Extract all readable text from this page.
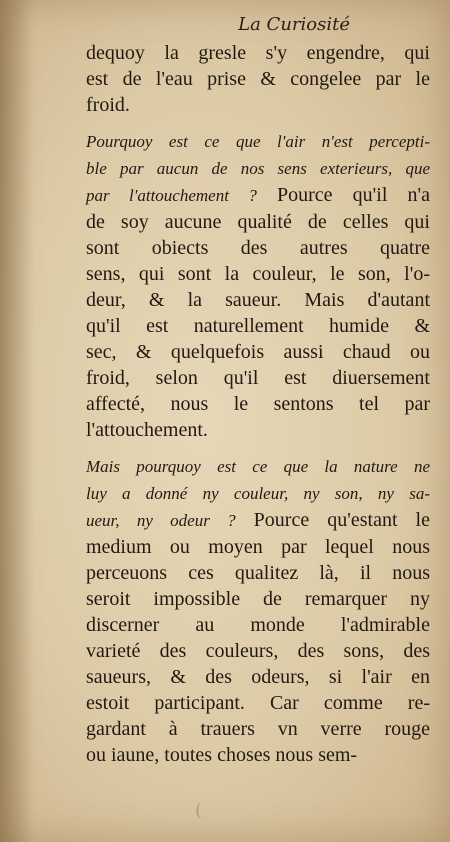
La Curiosité
dequoy la gresle s'y engendre, qui
est de l'eau prise & congelee par le
froid.
Pourquoy est ce que l'air n'est percepti-
ble par aucun de nos sens exterieurs, que
par l'attouchement ? Pource qu'il n'a
de soy aucune qualité de celles qui
sont obiects des autres quatre
sens, qui sont la couleur, le son, l'o-
deur, & la saueur. Mais d'autant
qu'il est naturellement humide &
sec, & quelquefois aussi chaud ou
froid, selon qu'il est diuersement
affecté, nous le sentons tel par
l'attouchement.
Mais pourquoy est ce que la nature ne
luy a donné ny couleur, ny son, ny sa-
ueur, ny odeur ? Pource qu'estant le
medium ou moyen par lequel nous
perceuons ces qualitez là, il nous
seroit impossible de remarquer ny
discerner au monde l'admirable
varieté des couleurs, des sons, des
saueurs, & des odeurs, si l'air en
estoit participant. Car comme re-
gardant à trauers vn verre rouge
ou iaune, toutes choses nous sem-
(
